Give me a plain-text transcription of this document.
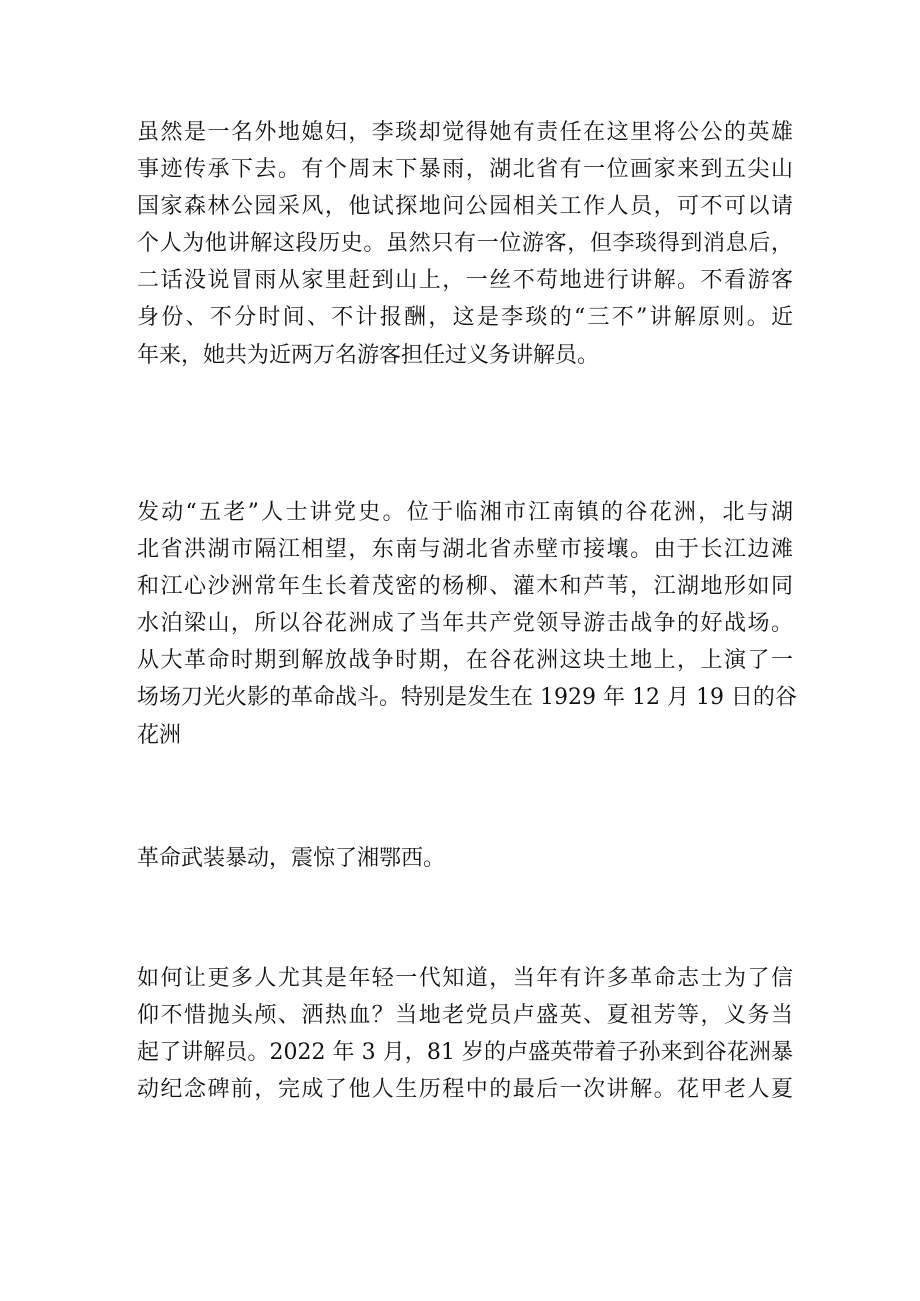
虽然是一名外地媳妇，李琰却觉得她有责任在这里将公公的英雄
事迹传承下去。有个周末下暴雨，湖北省有一位画家来到五尖山
国家森林公园采风，他试探地问公园相关工作人员，可不可以请
个人为他讲解这段历史。虽然只有一位游客，但李琰得到消息后，
二话没说冒雨从家里赶到山上，一丝不苟地进行讲解。不看游客
身份、不分时间、不计报酬，这是李琰的“三不”讲解原则。近
年来，她共为近两万名游客担任过义务讲解员。
发动“五老”人士讲党史。位于临湘市江南镇的谷花洲，北与湖
北省洪湖市隔江相望，东南与湖北省赤壁市接壤。由于长江边滩
和江心沙洲常年生长着茂密的杨柳、灌木和芦苇，江湖地形如同
水泊梁山，所以谷花洲成了当年共产党领导游击战争的好战场。
从大革命时期到解放战争时期，在谷花洲这块土地上，上演了一
场场刀光火影的革命战斗。特别是发生在 1929 年 12 月 19 日的谷
花洲
革命武装暴动，震惊了湘鄂西。
如何让更多人尤其是年轻一代知道，当年有许多革命志士为了信
仰不惜抛头颅、洒热血？当地老党员卢盛英、夏祖芳等，义务当
起了讲解员。2022 年 3 月，81 岁的卢盛英带着子孙来到谷花洲暴
动纪念碑前，完成了他人生历程中的最后一次讲解。花甲老人夏
